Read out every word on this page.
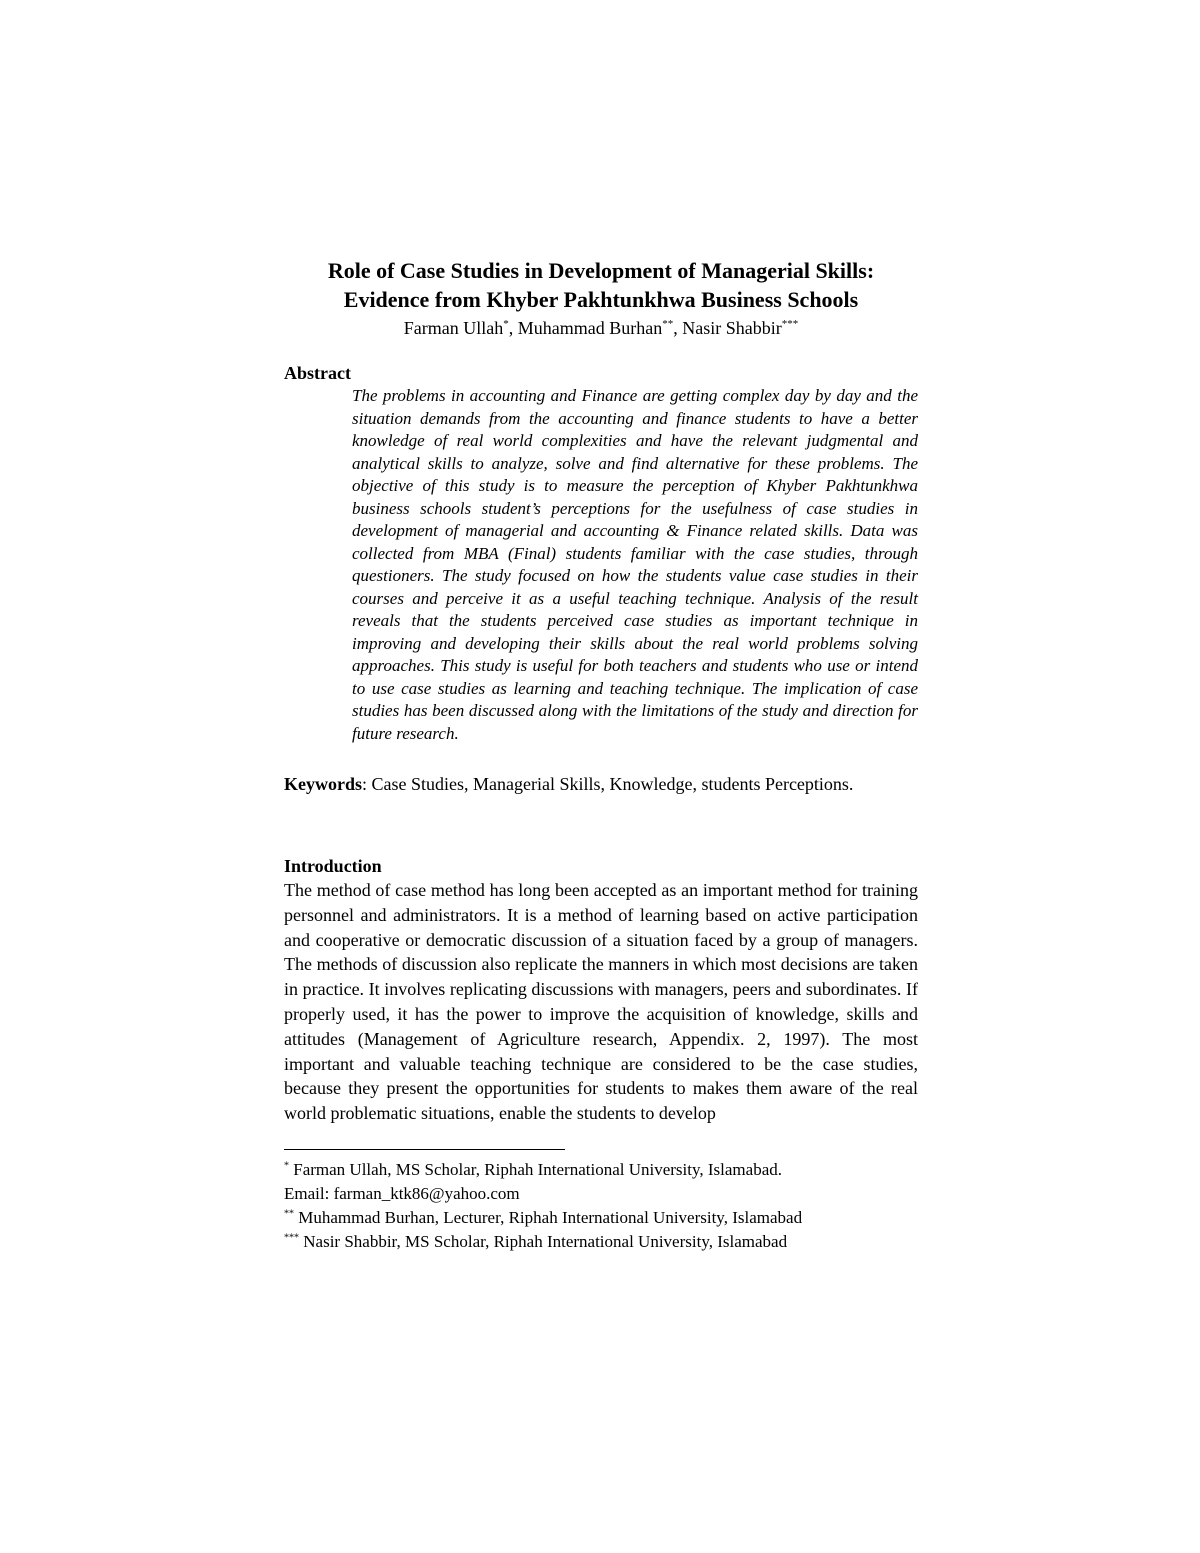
Role of Case Studies in Development of Managerial Skills:
Evidence from Khyber Pakhtunkhwa Business Schools

Farman Ullah*, Muhammad Burhan**, Nasir Shabbir***

Abstract

The problems in accounting and Finance are getting complex day by day and the situation demands from the accounting and finance students to have a better knowledge of real world complexities and have the relevant judgmental and analytical skills to analyze, solve and find alternative for these problems. The objective of this study is to measure the perception of Khyber Pakhtunkhwa business schools student’s perceptions for the usefulness of case studies in development of managerial and accounting & Finance related skills. Data was collected from MBA (Final) students familiar with the case studies, through questioners. The study focused on how the students value case studies in their courses and perceive it as a useful teaching technique. Analysis of the result reveals that the students perceived case studies as important technique in improving and developing their skills about the real world problems solving approaches. This study is useful for both teachers and students who use or intend to use case studies as learning and teaching technique. The implication of case studies has been discussed along with the limitations of the study and direction for future research.

Keywords: Case Studies, Managerial Skills, Knowledge, students Perceptions.

Introduction

The method of case method has long been accepted as an important method for training personnel and administrators. It is a method of learning based on active participation and cooperative or democratic discussion of a situation faced by a group of managers. The methods of discussion also replicate the manners in which most decisions are taken in practice. It involves replicating discussions with managers, peers and subordinates. If properly used, it has the power to improve the acquisition of knowledge, skills and attitudes (Management of Agriculture research, Appendix. 2, 1997). The most important and valuable teaching technique are considered to be the case studies, because they present the opportunities for students to makes them aware of the real world problematic situations, enable the students to develop

* Farman Ullah, MS Scholar, Riphah International University, Islamabad.

Email: farman_ktk86@yahoo.com

** Muhammad Burhan, Lecturer, Riphah International University, Islamabad

*** Nasir Shabbir, MS Scholar, Riphah International University, Islamabad
